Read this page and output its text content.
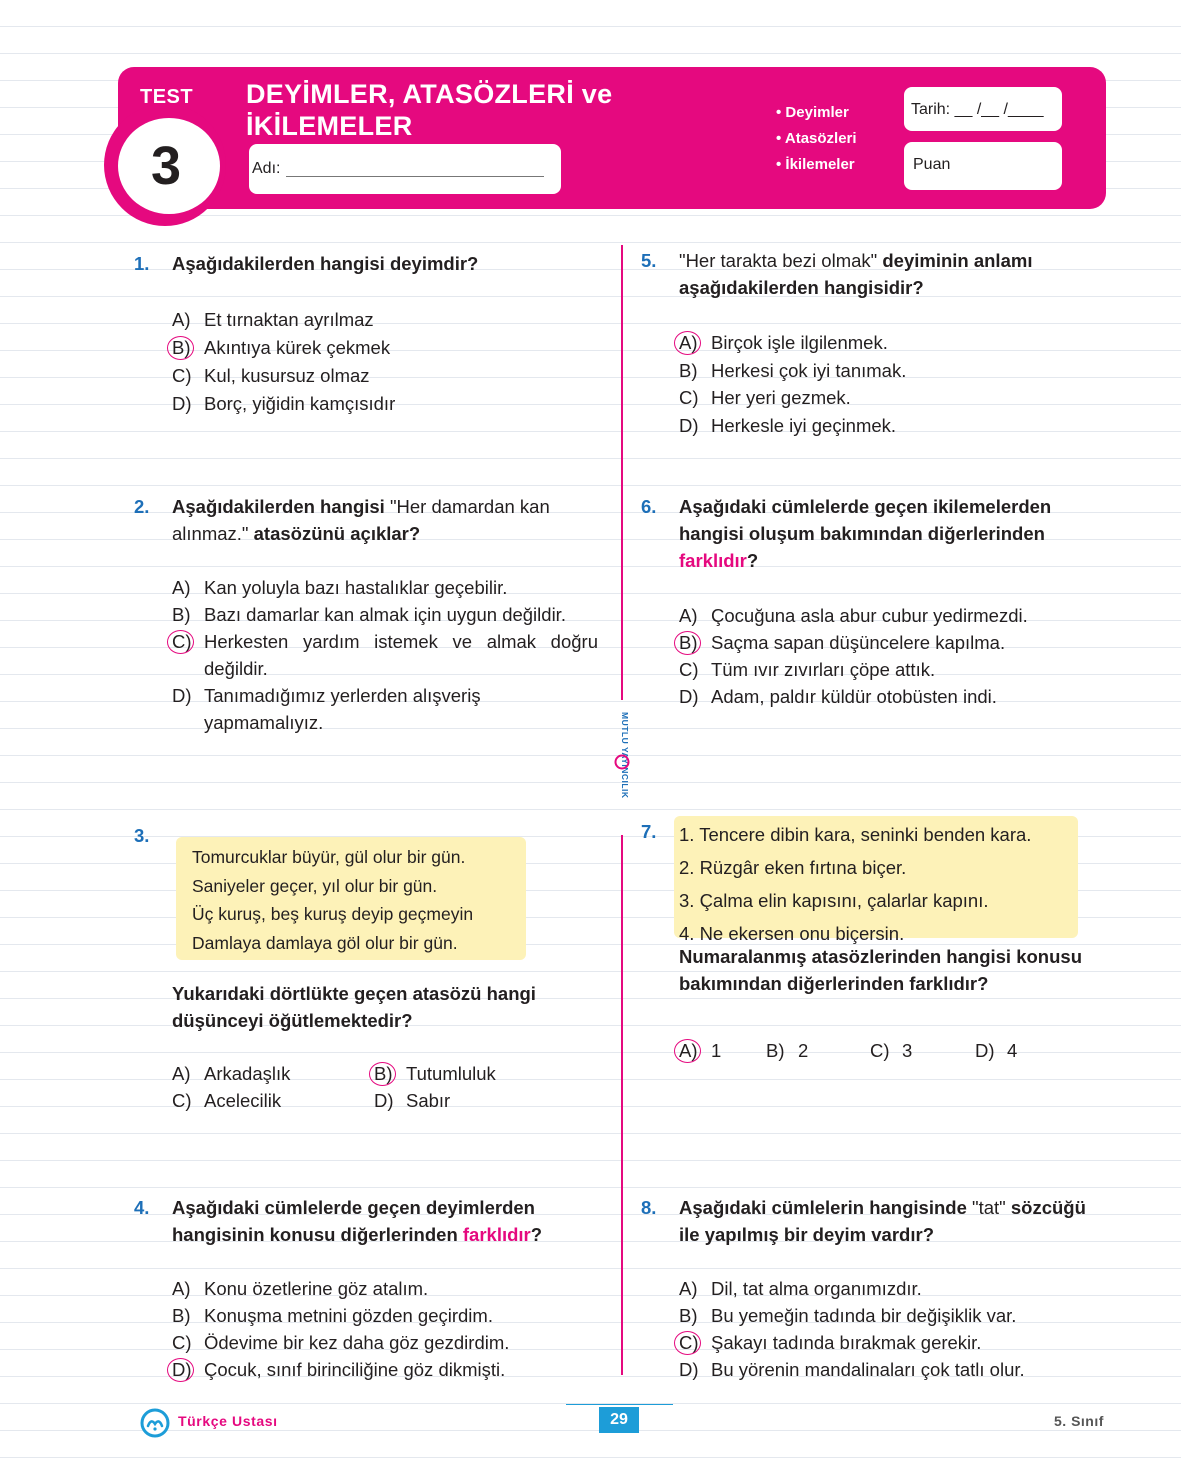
TEST
3
DEYİMLER, ATASÖZLERİ ve
İKİLEMELER
Adı:
• Deyimler
• Atasözleri
• İkilemeler
Tarih: __ /__ /____
Puan
MUTLU YAYINCILIK
1. Aşağıdakilerden hangisi deyimdir?
A) Et tırnaktan ayrılmaz
B) Akıntıya kürek çekmek
C) Kul, kusursuz olmaz
D) Borç, yiğidin kamçısıdır
2. Aşağıdakilerden hangisi "Her damardan kan alınmaz." atasözünü açıklar?
A) Kan yoluyla bazı hastalıklar geçebilir.
B) Bazı damarlar kan almak için uygun değildir.
C) Herkesten yardım istemek ve almak doğru değildir.
D) Tanımadığımız yerlerden alışveriş yapmamalıyız.
3.
Tomurcuklar büyür, gül olur bir gün.
Saniyeler geçer, yıl olur bir gün.
Üç kuruş, beş kuruş deyip geçmeyin
Damlaya damlaya göl olur bir gün.
Yukarıdaki dörtlükte geçen atasözü hangi düşünceyi öğütlemektedir?
A) Arkadaşlık	B) Tutumluluk
C) Acelecilik	D) Sabır
4. Aşağıdaki cümlelerde geçen deyimlerden hangisinin konusu diğerlerinden farklıdır?
A) Konu özetlerine göz atalım.
B) Konuşma metnini gözden geçirdim.
C) Ödevime bir kez daha göz gezdirdim.
D) Çocuk, sınıf birinciliğine göz dikmişti.
5. "Her tarakta bezi olmak" deyiminin anlamı aşağıdakilerden hangisidir?
A) Birçok işle ilgilenmek.
B) Herkesi çok iyi tanımak.
C) Her yeri gezmek.
D) Herkesle iyi geçinmek.
6. Aşağıdaki cümlelerde geçen ikilemelerden hangisi oluşum bakımından diğerlerinden farklıdır?
A) Çocuğuna asla abur cubur yedirmezdi.
B) Saçma sapan düşüncelere kapılma.
C) Tüm ıvır zıvırları çöpe attık.
D) Adam, paldır küldür otobüsten indi.
7. 1. Tencere dibin kara, seninki benden kara.
2. Rüzgâr eken fırtına biçer.
3. Çalma elin kapısını, çalarlar kapını.
4. Ne ekersen onu biçersin.
Numaralanmış atasözlerinden hangisi konusu bakımından diğerlerinden farklıdır?
A) 1 B) 2	C) 3	D) 4
8. Aşağıdaki cümlelerin hangisinde "tat" sözcüğü ile yapılmış bir deyim vardır?
A) Dil, tat alma organımızdır.
B) Bu yemeğin tadında bir değişiklik var.
C) Şakayı tadında bırakmak gerekir.
D) Bu yörenin mandalinaları çok tatlı olur.
Türkçe Ustası	29	5. Sınıf
